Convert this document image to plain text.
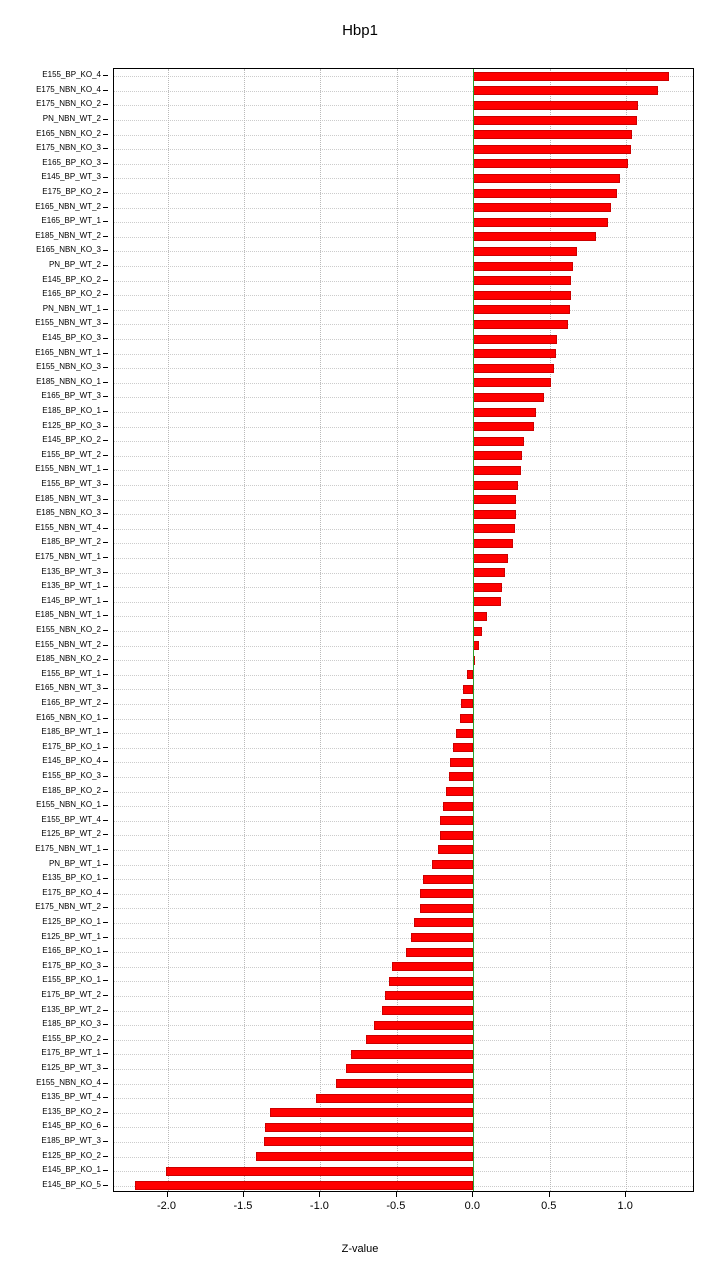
Hbp1
E155_BP_KO_4
E175_NBN_KO_4
E175_NBN_KO_2
PN_NBN_WT_2
E165_NBN_KO_2
E175_NBN_KO_3
E165_BP_KO_3
E145_BP_WT_3
E175_BP_KO_2
E165_NBN_WT_2
E165_BP_WT_1
E185_NBN_WT_2
E165_NBN_KO_3
PN_BP_WT_2
E145_BP_KO_2
E165_BP_KO_2
PN_NBN_WT_1
E155_NBN_WT_3
E145_BP_KO_3
E165_NBN_WT_1
E155_NBN_KO_3
E185_NBN_KO_1
E165_BP_WT_3
E185_BP_KO_1
E125_BP_KO_3
E145_BP_KO_2
E155_BP_WT_2
E155_NBN_WT_1
E155_BP_WT_3
E185_NBN_WT_3
E185_NBN_KO_3
E155_NBN_WT_4
E185_BP_WT_2
E175_NBN_WT_1
E135_BP_WT_3
E135_BP_WT_1
E145_BP_WT_1
E185_NBN_WT_1
E155_NBN_KO_2
E155_NBN_WT_2
E185_NBN_KO_2
E155_BP_WT_1
E165_NBN_WT_3
E165_BP_WT_2
E165_NBN_KO_1
E185_BP_WT_1
E175_BP_KO_1
E145_BP_KO_4
E155_BP_KO_3
E185_BP_KO_2
E155_NBN_KO_1
E155_BP_WT_4
E125_BP_WT_2
E175_NBN_WT_1
PN_BP_WT_1
E135_BP_KO_1
E175_BP_KO_4
E175_NBN_WT_2
E125_BP_KO_1
E125_BP_WT_1
E165_BP_KO_1
E175_BP_KO_3
E155_BP_KO_1
E175_BP_WT_2
E135_BP_WT_2
E185_BP_KO_3
E155_BP_KO_2
E175_BP_WT_1
E125_BP_WT_3
E155_NBN_KO_4
E135_BP_WT_4
E135_BP_KO_2
E145_BP_KO_6
E185_BP_WT_3
E125_BP_KO_2
E145_BP_KO_1
E145_BP_KO_5
-2.0	-1.5	-1.0	-0.5	0.0	0.5	1.0
Z-value
